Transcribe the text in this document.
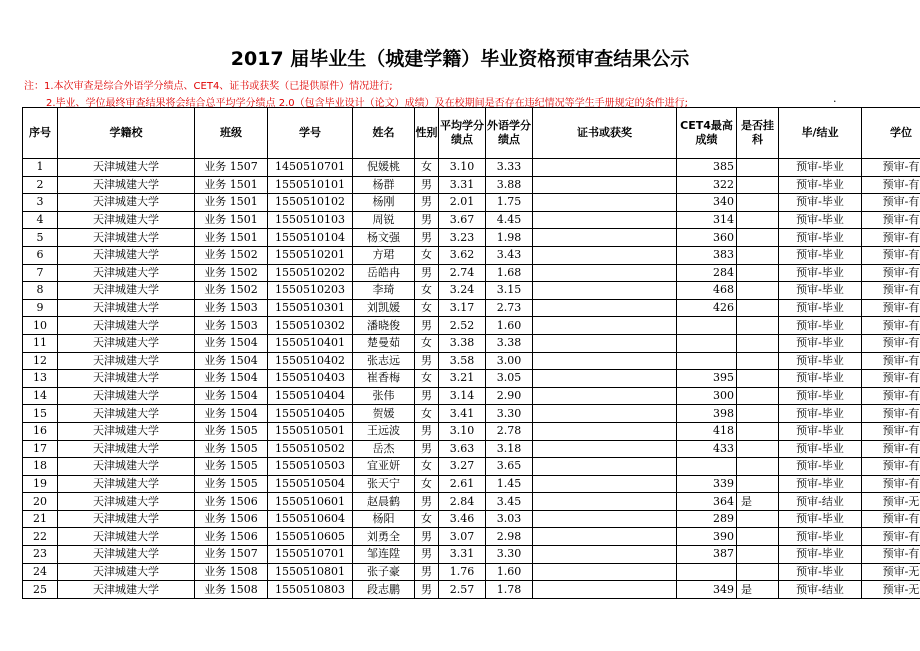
2017 届毕业生（城建学籍）毕业资格预审查结果公示
注：1.本次审查是综合外语学分绩点、CET4、证书或获奖（已提供原件）情况进行;
2.毕业、学位最终审查结果将会结合总平均学分绩点 2.0（包含毕业设计（论文）成绩）及在校期间是否存在违纪情况等学生手册规定的条件进行;	.
序号	学籍校	班级	学号	姓名	性别	平均学分绩点	外语学分绩点	证书或获奖	CET4最高成绩	是否挂科	毕/结业	学位
1	天津城建大学	业务 1507	1450510701	倪媛桃	女	3.10	3.33		385		预审-毕业	预审-有
2	天津城建大学	业务 1501	1550510101	杨群	男	3.31	3.88		322		预审-毕业	预审-有
3	天津城建大学	业务 1501	1550510102	杨刚	男	2.01	1.75		340		预审-毕业	预审-有
4	天津城建大学	业务 1501	1550510103	周锐	男	3.67	4.45		314		预审-毕业	预审-有
5	天津城建大学	业务 1501	1550510104	杨文强	男	3.23	1.98		360		预审-毕业	预审-有
6	天津城建大学	业务 1502	1550510201	方珺	女	3.62	3.43		383		预审-毕业	预审-有
7	天津城建大学	业务 1502	1550510202	岳皓冉	男	2.74	1.68		284		预审-毕业	预审-有
8	天津城建大学	业务 1502	1550510203	李琦	女	3.24	3.15		468		预审-毕业	预审-有
9	天津城建大学	业务 1503	1550510301	刘凯媛	女	3.17	2.73		426		预审-毕业	预审-有
10	天津城建大学	业务 1503	1550510302	潘晓俊	男	2.52	1.60				预审-毕业	预审-有
11	天津城建大学	业务 1504	1550510401	楚曼茹	女	3.38	3.38				预审-毕业	预审-有
12	天津城建大学	业务 1504	1550510402	张志远	男	3.58	3.00				预审-毕业	预审-有
13	天津城建大学	业务 1504	1550510403	崔香梅	女	3.21	3.05		395		预审-毕业	预审-有
14	天津城建大学	业务 1504	1550510404	张伟	男	3.14	2.90		300		预审-毕业	预审-有
15	天津城建大学	业务 1504	1550510405	贺媛	女	3.41	3.30		398		预审-毕业	预审-有
16	天津城建大学	业务 1505	1550510501	王远波	男	3.10	2.78		418		预审-毕业	预审-有
17	天津城建大学	业务 1505	1550510502	岳杰	男	3.63	3.18		433		预审-毕业	预审-有
18	天津城建大学	业务 1505	1550510503	宜亚妍	女	3.27	3.65				预审-毕业	预审-有
19	天津城建大学	业务 1505	1550510504	张天宁	女	2.61	1.45		339		预审-毕业	预审-有
20	天津城建大学	业务 1506	1550510601	赵晨鹤	男	2.84	3.45		364	是	预审-结业	预审-无
21	天津城建大学	业务 1506	1550510604	杨阳	女	3.46	3.03		289		预审-毕业	预审-有
22	天津城建大学	业务 1506	1550510605	刘勇全	男	3.07	2.98		390		预审-毕业	预审-有
23	天津城建大学	业务 1507	1550510701	邹连陞	男	3.31	3.30		387		预审-毕业	预审-有
24	天津城建大学	业务 1508	1550510801	张子豪	男	1.76	1.60				预审-毕业	预审-无
25	天津城建大学	业务 1508	1550510803	段志鹏	男	2.57	1.78		349	是	预审-结业	预审-无
